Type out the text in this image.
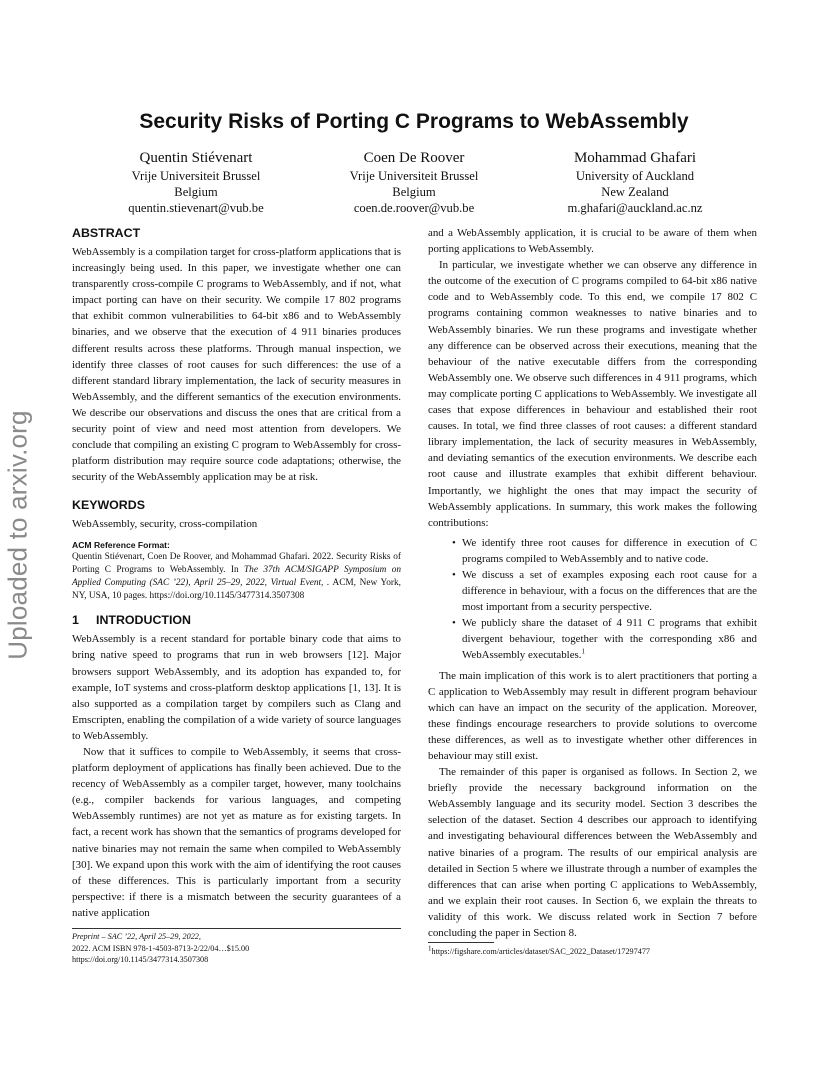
Uploaded to arxiv.org
Security Risks of Porting C Programs to WebAssembly
Quentin Stiévenart
Vrije Universiteit Brussel
Belgium
quentin.stievenart@vub.be
Coen De Roover
Vrije Universiteit Brussel
Belgium
coen.de.roover@vub.be
Mohammad Ghafari
University of Auckland
New Zealand
m.ghafari@auckland.ac.nz
ABSTRACT

WebAssembly is a compilation target for cross-platform applications that is increasingly being used. In this paper, we investigate whether one can transparently cross-compile C programs to WebAssembly, and if not, what impact porting can have on their security. We compile 17 802 programs that exhibit common vulnerabilities to 64-bit x86 and to WebAssembly binaries, and we observe that the execution of 4 911 binaries produces different results across these platforms. Through manual inspection, we identify three classes of root causes for such differences: the use of a different standard library implementation, the lack of security measures in WebAssembly, and the different semantics of the execution environments. We describe our observations and discuss the ones that are critical from a security point of view and need most attention from developers. We conclude that compiling an existing C program to WebAssembly for cross-platform distribution may require source code adaptations; otherwise, the security of the WebAssembly application may be at risk.

KEYWORDS

WebAssembly, security, cross-compilation

ACM Reference Format:

Quentin Stiévenart, Coen De Roover, and Mohammad Ghafari. 2022. Security Risks of Porting C Programs to WebAssembly. In The 37th ACM/SIGAPP Symposium on Applied Computing (SAC ’22), April 25–29, 2022, Virtual Event, . ACM, New York, NY, USA, 10 pages. https://doi.org/10.1145/3477314.3507308

1 INTRODUCTION

WebAssembly is a recent standard for portable binary code that aims to bring native speed to programs that run in web browsers [12]. Major browsers support WebAssembly, and its adoption has expanded to, for example, IoT systems and cross-platform desktop applications [1, 13]. It is also supported as a compilation target by compilers such as Clang and Emscripten, enabling the compilation of a wide variety of source languages to WebAssembly.

Now that it suffices to compile to WebAssembly, it seems that cross-platform deployment of applications has finally been achieved. Due to the recency of WebAssembly as a compiler target, however, many toolchains (e.g., compiler backends for various languages, and competing WebAssembly runtimes) are not yet as mature as for existing targets. In fact, a recent work has shown that the semantics of programs developed for native binaries may not remain the same when compiled to WebAssembly [30]. We expand upon this work with the aim of identifying the root causes of these differences. This is particularly important from a security perspective: if there is a mismatch between the security guarantees of a native application

and a WebAssembly application, it is crucial to be aware of them when porting applications to WebAssembly.

In particular, we investigate whether we can observe any difference in the outcome of the execution of C programs compiled to 64-bit x86 native code and to WebAssembly code. To this end, we compile 17 802 C programs containing common weaknesses to native binaries and to WebAssembly binaries. We run these programs and investigate whether any difference can be observed across their executions, meaning that the behaviour of the native executable differs from the corresponding WebAssembly one. We observe such differences in 4 911 programs, which may complicate porting C applications to WebAssembly. We investigate all cases that expose differences in behaviour and established their root causes. In total, we find three classes of root causes: a different standard library implementation, the lack of security measures in WebAssembly, and deviating semantics of the execution environments. We describe each root cause and illustrate examples that exhibit different behaviour. Importantly, we highlight the ones that may impact the security of WebAssembly applications. In summary, this work makes the following contributions:

• We identify three root causes for difference in execution of C programs compiled to WebAssembly and to native code.
• We discuss a set of examples exposing each root cause for a difference in behaviour, with a focus on the differences that are the most important from a security perspective.
• We publicly share the dataset of 4 911 C programs that exhibit divergent behaviour, together with the corresponding x86 and WebAssembly executables.$^1$

The main implication of this work is to alert practitioners that porting a C application to WebAssembly may result in different program behaviour which can have an impact on the security of the application. Moreover, these findings encourage researchers to provide solutions to overcome these differences, as well as to investigate whether other differences in behaviour may still exist.

The remainder of this paper is organised as follows. In Section 2, we briefly provide the necessary background information on the WebAssembly language and its security model. Section 3 describes the selection of the dataset. Section 4 describes our approach to identifying and investigating behavioural differences between the WebAssembly and native binaries of a program. The results of our empirical analysis are detailed in Section 5 where we illustrate through a number of examples the differences that can arise when porting C applications to WebAssembly, and we explain their root causes. In Section 6, we explain the threats to validity of this work. We discuss related work in Section 7 before concluding the paper in Section 8.

Preprint – SAC ’22, April 25–29, 2022,
2022. ACM ISBN 978-1-4503-8713-2/22/04…$15.00
https://doi.org/10.1145/3477314.3507308
$^1$https://figshare.com/articles/dataset/SAC_2022_Dataset/17297477
